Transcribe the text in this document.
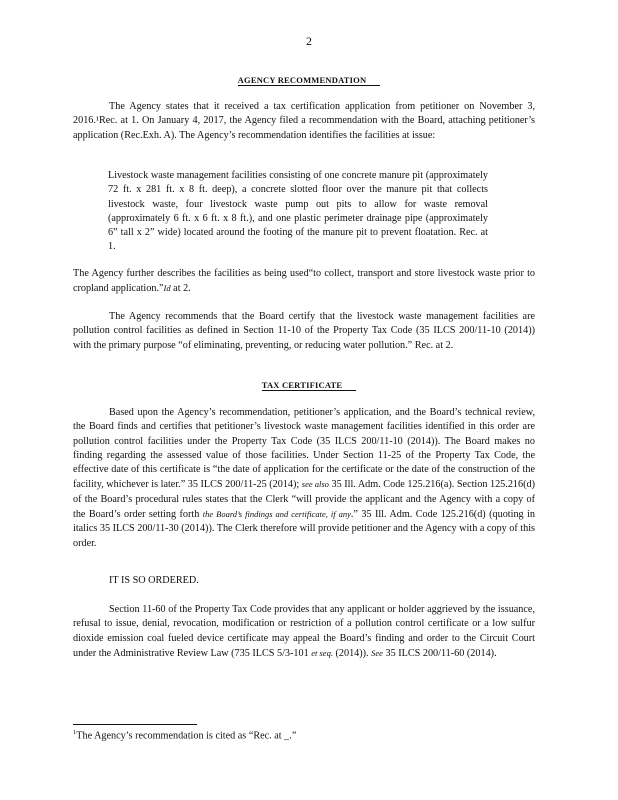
2
AGENCY RECOMMENDATION
The Agency states that it received a tax certification application from petitioner on November 3, 2016.¹Rec. at 1. On January 4, 2017, the Agency filed a recommendation with the Board, attaching petitioner’s application (Rec.Exh. A). The Agency’s recommendation identifies the facilities at issue:
Livestock waste management facilities consisting of one concrete manure pit (approximately 72 ft. x 281 ft. x 8 ft. deep), a concrete slotted floor over the manure pit that collects livestock waste, four livestock waste pump out pits to allow for waste removal (approximately 6 ft. x 6 ft. x 8 ft.), and one plastic perimeter drainage pipe (approximately 6” tall x 2” wide) located around the footing of the manure pit to prevent floatation. Rec. at 1.
The Agency further describes the facilities as being used“to collect, transport and store livestock waste prior to cropland application.”Id at 2.
The Agency recommends that the Board certify that the livestock waste management facilities are pollution control facilities as defined in Section 11-10 of the Property Tax Code (35 ILCS 200/11-10 (2014)) with the primary purpose “of eliminating, preventing, or reducing water pollution.” Rec. at 2.
TAX CERTIFICATE
Based upon the Agency’s recommendation, petitioner’s application, and the Board’s technical review, the Board finds and certifies that petitioner’s livestock waste management facilities identified in this order are pollution control facilities under the Property Tax Code (35 ILCS 200/11-10 (2014)). The Board makes no finding regarding the assessed value of those facilities. Under Section 11-25 of the Property Tax Code, the effective date of this certificate is “the date of application for the certificate or the date of the construction of the facility, whichever is later.” 35 ILCS 200/11-25 (2014); see also 35 Ill. Adm. Code 125.216(a). Section 125.216(d) of the Board’s procedural rules states that the Clerk “will provide the applicant and the Agency with a copy of the Board’s order setting forth the Board’s findings and certificate, if any.” 35 Ill. Adm. Code 125.216(d) (quoting in italics 35 ILCS 200/11-30 (2014)). The Clerk therefore will provide petitioner and the Agency with a copy of this order.
IT IS SO ORDERED.
Section 11-60 of the Property Tax Code provides that any applicant or holder aggrieved by the issuance, refusal to issue, denial, revocation, modification or restriction of a pollution control certificate or a low sulfur dioxide emission coal fueled device certificate may appeal the Board’s finding and order to the Circuit Court under the Administrative Review Law (735 ILCS 5/3-101 et seq. (2014)). See 35 ILCS 200/11-60 (2014).
$^1$The Agency’s recommendation is cited as “Rec. at _.”
